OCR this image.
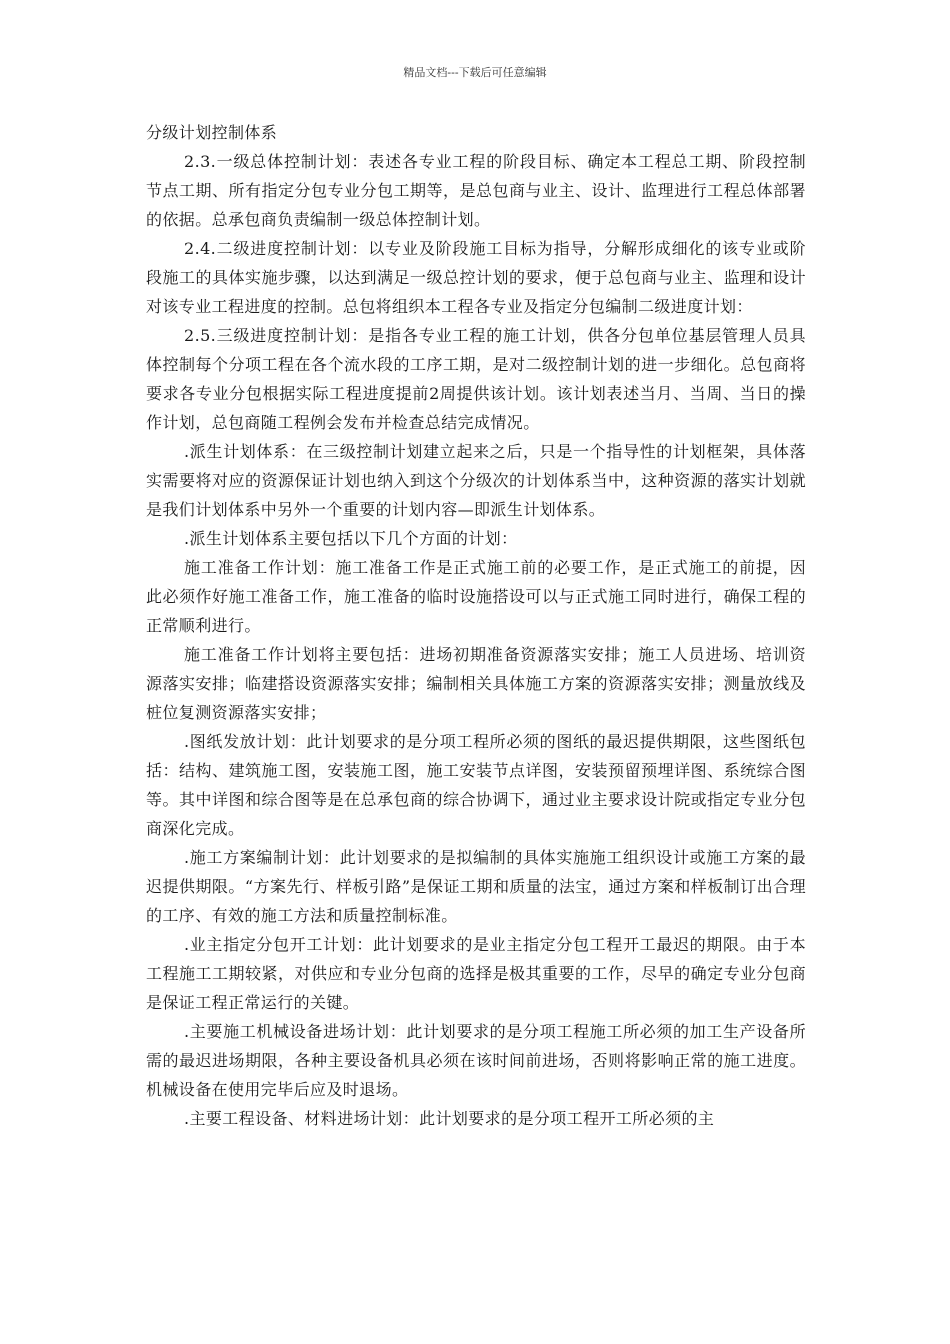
精品文档---下载后可任意编辑

分级计划控制体系

2.3.一级总体控制计划：表述各专业工程的阶段目标、确定本工程总工期、阶段控制节点工期、所有指定分包专业分包工期等，是总包商与业主、设计、监理进行工程总体部署的依据。总承包商负责编制一级总体控制计划。

2.4.二级进度控制计划：以专业及阶段施工目标为指导，分解形成细化的该专业或阶段施工的具体实施步骤，以达到满足一级总控计划的要求，便于总包商与业主、监理和设计对该专业工程进度的控制。总包将组织本工程各专业及指定分包编制二级进度计划：

2.5.三级进度控制计划：是指各专业工程的施工计划，供各分包单位基层管理人员具体控制每个分项工程在各个流水段的工序工期，是对二级控制计划的进一步细化。总包商将要求各专业分包根据实际工程进度提前2周提供该计划。该计划表述当月、当周、当日的操作计划，总包商随工程例会发布并检查总结完成情况。

.派生计划体系：在三级控制计划建立起来之后，只是一个指导性的计划框架，具体落实需要将对应的资源保证计划也纳入到这个分级次的计划体系当中，这种资源的落实计划就是我们计划体系中另外一个重要的计划内容—即派生计划体系。

.派生计划体系主要包括以下几个方面的计划：

施工准备工作计划：施工准备工作是正式施工前的必要工作，是正式施工的前提，因此必须作好施工准备工作，施工准备的临时设施搭设可以与正式施工同时进行，确保工程的正常顺利进行。

施工准备工作计划将主要包括：进场初期准备资源落实安排；施工人员进场、培训资源落实安排；临建搭设资源落实安排；编制相关具体施工方案的资源落实安排；测量放线及桩位复测资源落实安排；

.图纸发放计划：此计划要求的是分项工程所必须的图纸的最迟提供期限，这些图纸包括：结构、建筑施工图，安装施工图，施工安装节点详图，安装预留预埋详图、系统综合图等。其中详图和综合图等是在总承包商的综合协调下，通过业主要求设计院或指定专业分包商深化完成。

.施工方案编制计划：此计划要求的是拟编制的具体实施施工组织设计或施工方案的最迟提供期限。“方案先行、样板引路”是保证工期和质量的法宝，通过方案和样板制订出合理的工序、有效的施工方法和质量控制标准。

.业主指定分包开工计划：此计划要求的是业主指定分包工程开工最迟的期限。由于本工程施工工期较紧，对供应和专业分包商的选择是极其重要的工作，尽早的确定专业分包商是保证工程正常运行的关键。

.主要施工机械设备进场计划：此计划要求的是分项工程施工所必须的加工生产设备所需的最迟进场期限，各种主要设备机具必须在该时间前进场，否则将影响正常的施工进度。机械设备在使用完毕后应及时退场。

.主要工程设备、材料进场计划：此计划要求的是分项工程开工所必须的主
